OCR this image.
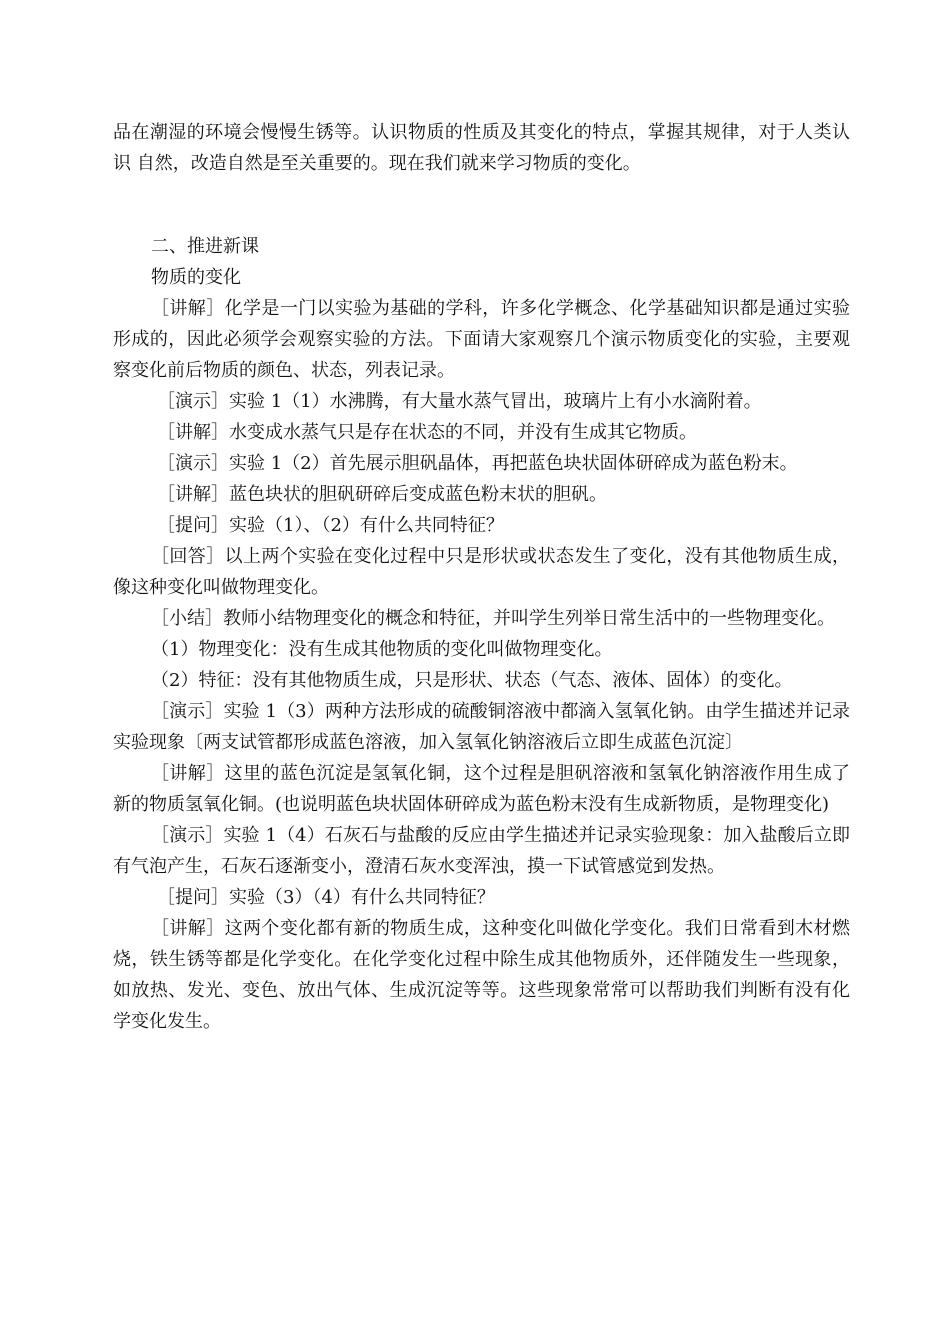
品在潮湿的环境会慢慢生锈等。认识物质的性质及其变化的特点，掌握其规律，对于人类认识 自然，改造自然是至关重要的。现在我们就来学习物质的变化。

二、推进新课

物质的变化

［讲解］化学是一门以实验为基础的学科，许多化学概念、化学基础知识都是通过实验形成的，因此必须学会观察实验的方法。下面请大家观察几个演示物质变化的实验，主要观察变化前后物质的颜色、状态，列表记录。

［演示］实验 1（1）水沸腾，有大量水蒸气冒出，玻璃片上有小水滴附着。

［讲解］水变成水蒸气只是存在状态的不同，并没有生成其它物质。

［演示］实验 1（2）首先展示胆矾晶体，再把蓝色块状固体研碎成为蓝色粉末。

［讲解］蓝色块状的胆矾研碎后变成蓝色粉末状的胆矾。

［提问］实验（1）、（2）有什么共同特征？

［回答］以上两个实验在变化过程中只是形状或状态发生了变化，没有其他物质生成，像这种变化叫做物理变化。

［小结］教师小结物理变化的概念和特征，并叫学生列举日常生活中的一些物理变化。

（1）物理变化：没有生成其他物质的变化叫做物理变化。

（2）特征：没有其他物质生成，只是形状、状态（气态、液体、固体）的变化。

［演示］实验 1（3）两种方法形成的硫酸铜溶液中都滴入氢氧化钠。由学生描述并记录实验现象〔两支试管都形成蓝色溶液，加入氢氧化钠溶液后立即生成蓝色沉淀〕

［讲解］这里的蓝色沉淀是氢氧化铜，这个过程是胆矾溶液和氢氧化钠溶液作用生成了新的物质氢氧化铜。(也说明蓝色块状固体研碎成为蓝色粉末没有生成新物质，是物理变化)

［演示］实验 1（4）石灰石与盐酸的反应由学生描述并记录实验现象：加入盐酸后立即有气泡产生，石灰石逐渐变小，澄清石灰水变浑浊，摸一下试管感觉到发热。

［提问］实验（3）（4）有什么共同特征？

［讲解］这两个变化都有新的物质生成，这种变化叫做化学变化。我们日常看到木材燃烧，铁生锈等都是化学变化。在化学变化过程中除生成其他物质外，还伴随发生一些现象，如放热、发光、变色、放出气体、生成沉淀等等。这些现象常常可以帮助我们判断有没有化学变化发生。
